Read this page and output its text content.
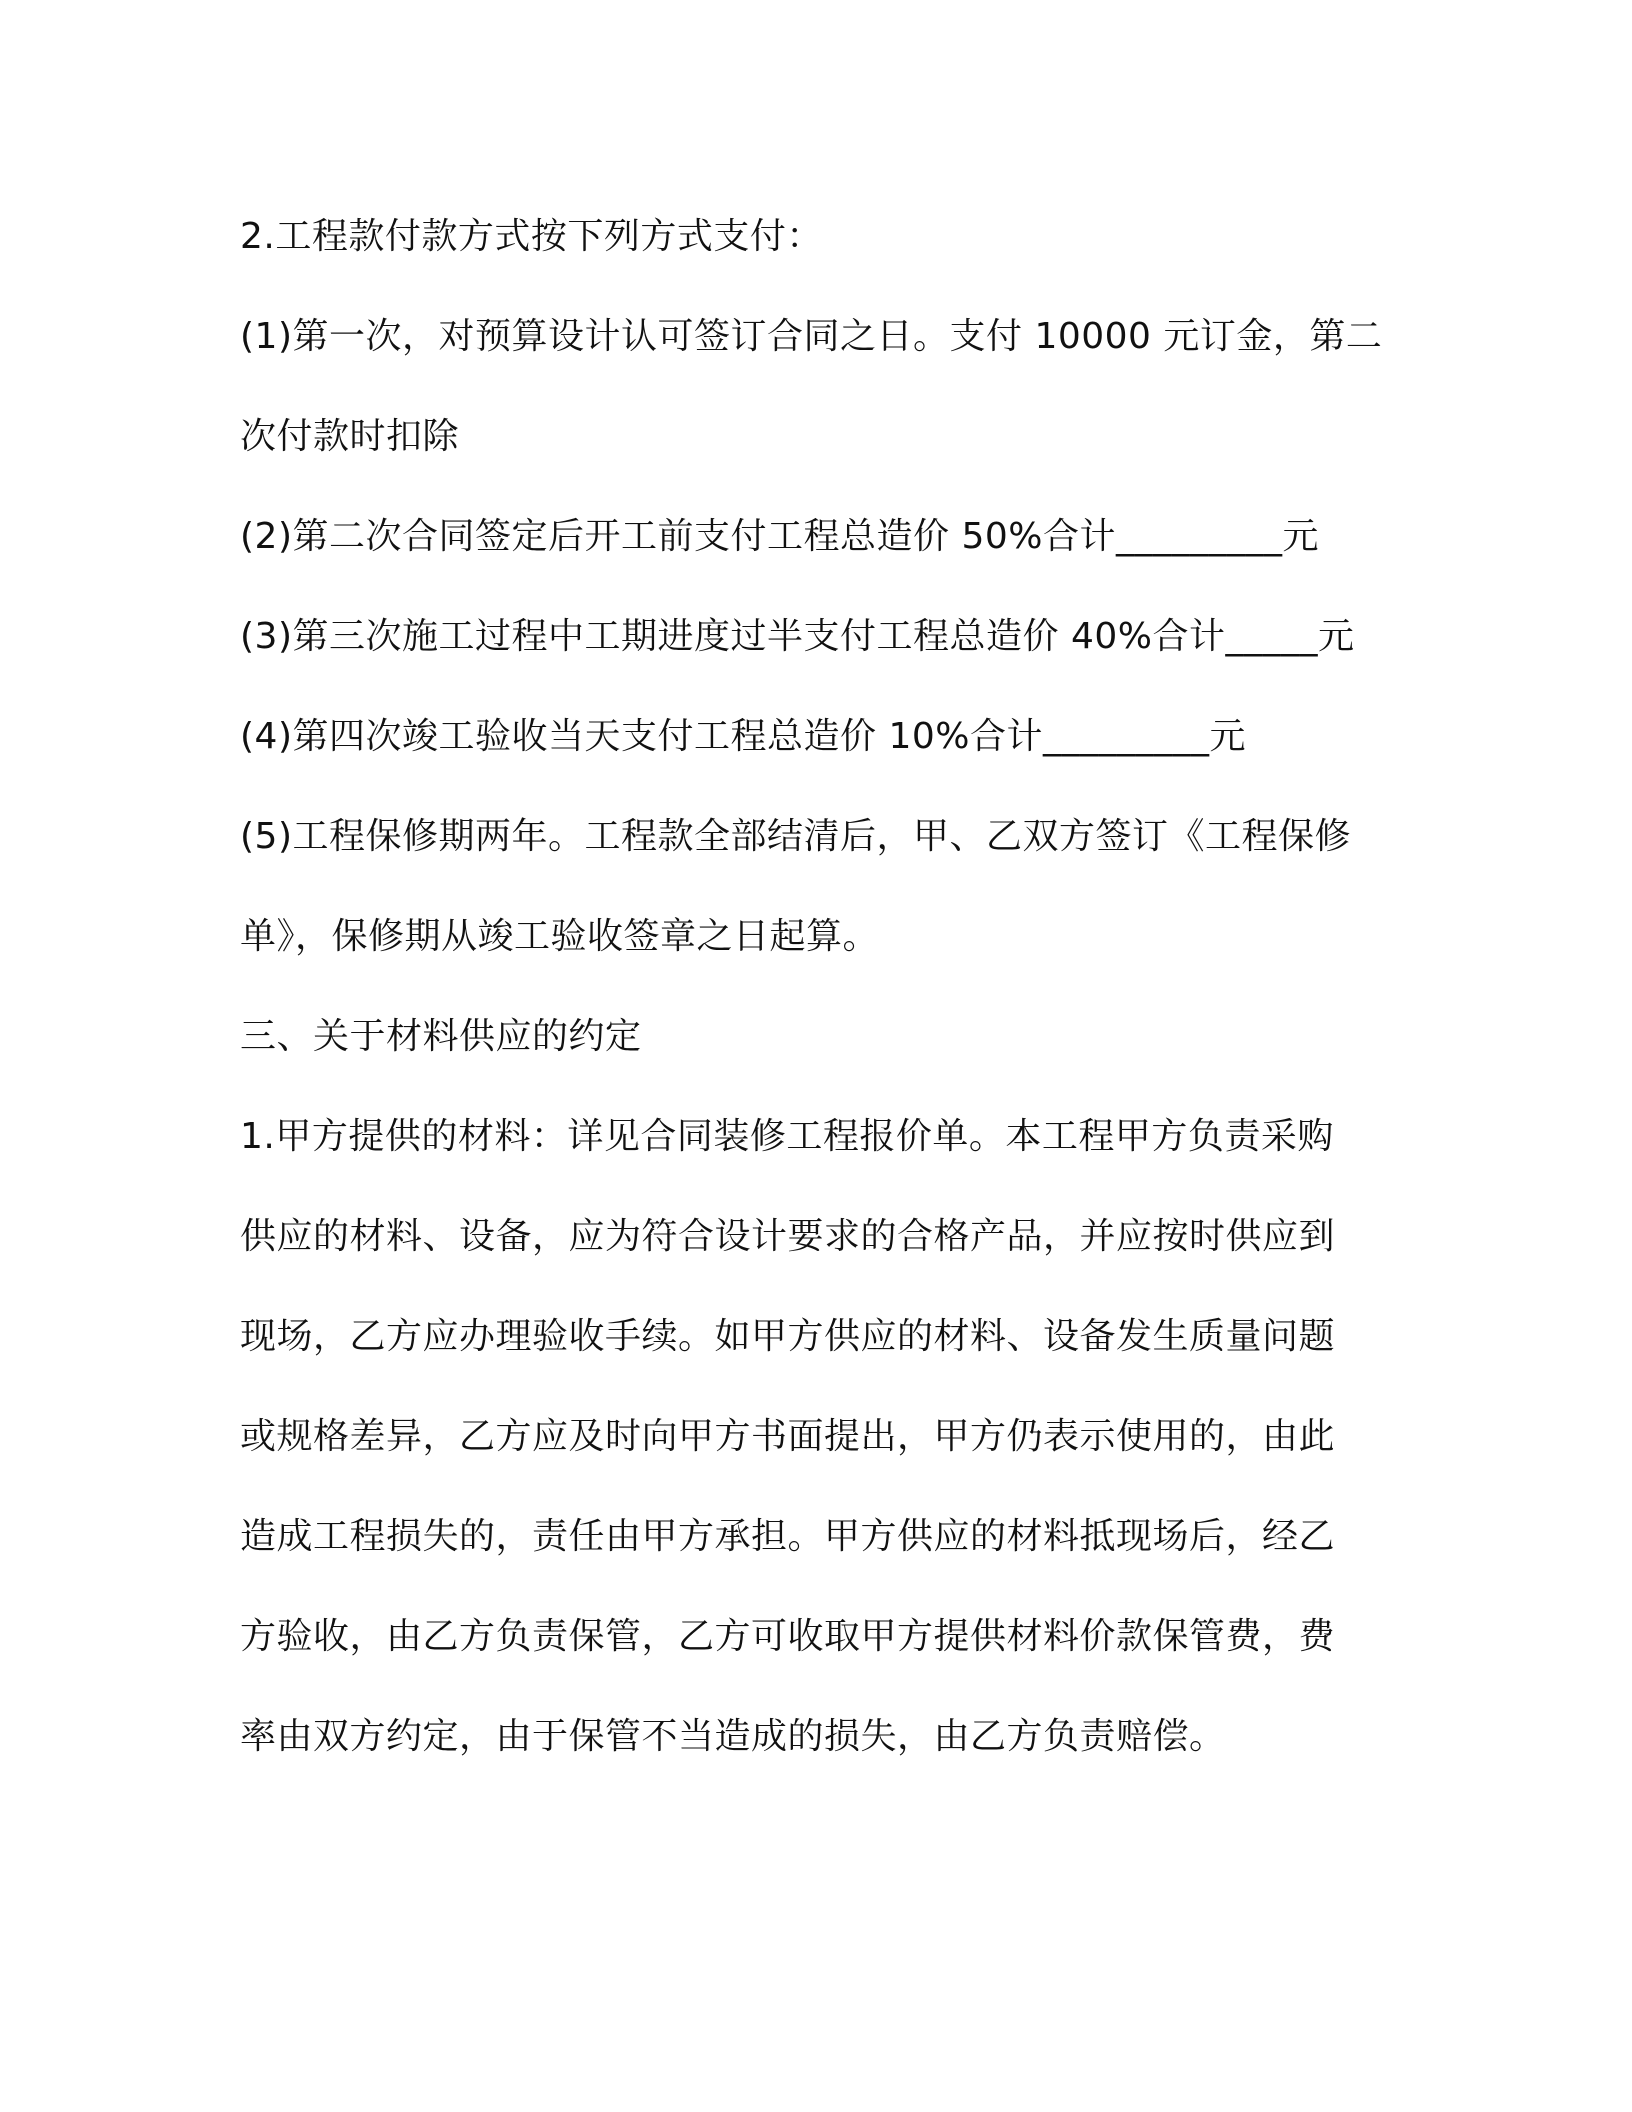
2.工程款付款方式按下列方式支付：

(1)第一次，对预算设计认可签订合同之日。支付 10000 元订金，第二

次付款时扣除

(2)第二次合同签定后开工前支付工程总造价 50%合计_________元

(3)第三次施工过程中工期进度过半支付工程总造价 40%合计_____元

(4)第四次竣工验收当天支付工程总造价 10%合计_________元

(5)工程保修期两年。工程款全部结清后，甲、乙双方签订《工程保修

单》，保修期从竣工验收签章之日起算。

三、关于材料供应的约定

1.甲方提供的材料：详见合同装修工程报价单。本工程甲方负责采购

供应的材料、设备，应为符合设计要求的合格产品，并应按时供应到

现场，乙方应办理验收手续。如甲方供应的材料、设备发生质量问题

或规格差异，乙方应及时向甲方书面提出，甲方仍表示使用的，由此

造成工程损失的，责任由甲方承担。甲方供应的材料抵现场后，经乙

方验收，由乙方负责保管，乙方可收取甲方提供材料价款保管费，费

率由双方约定，由于保管不当造成的损失，由乙方负责赔偿。
